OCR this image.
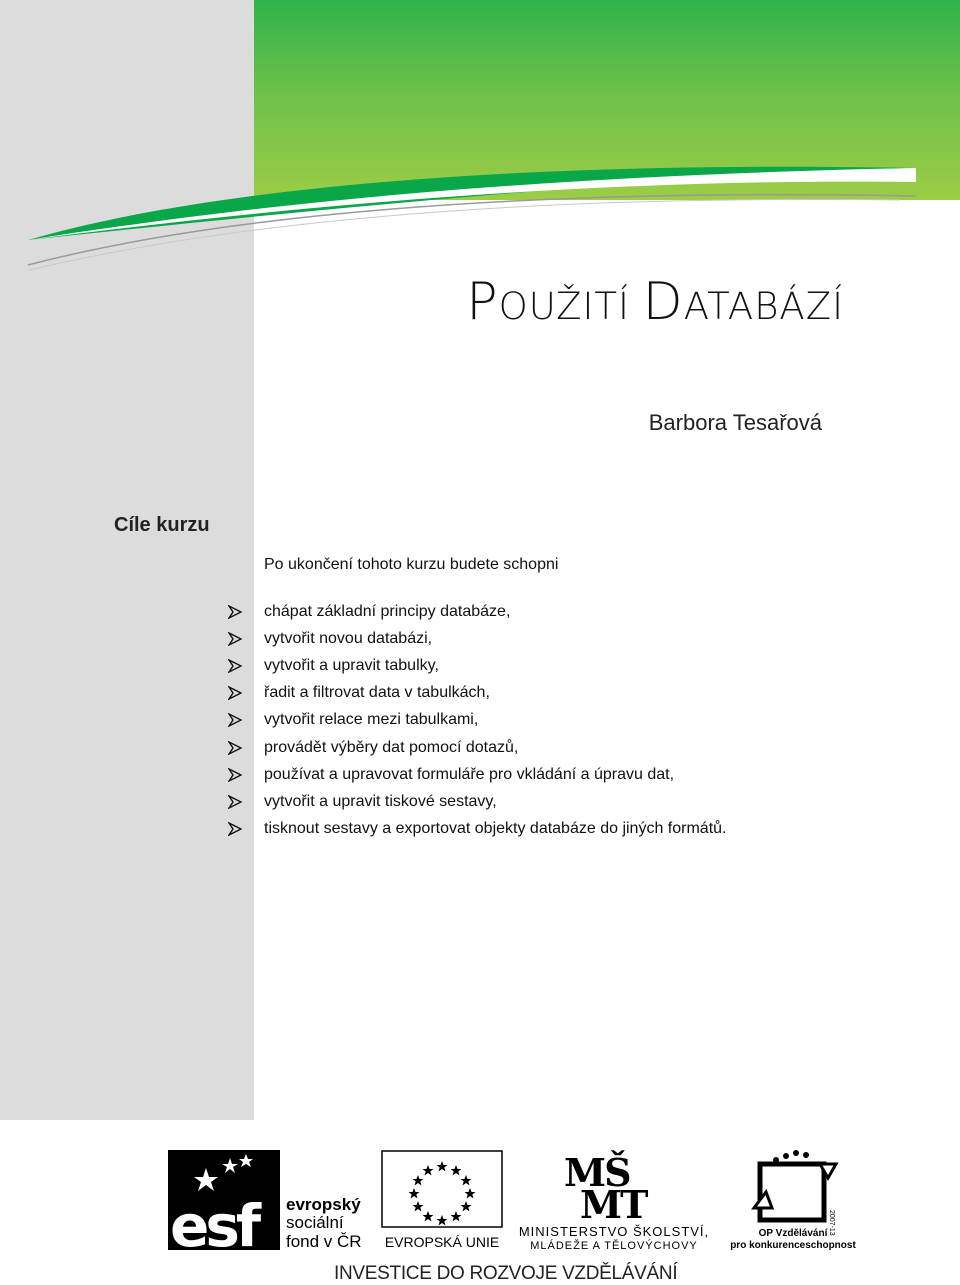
POUŽITÍ DATABÁZÍ
Barbora Tesařová
Cíle kurzu
Po ukončení tohoto kurzu budete schopni
chápat základní principy databáze,
vytvořit novou databázi,
vytvořit a upravit tabulky,
řadit a filtrovat data v tabulkách,
vytvořit relace mezi tabulkami,
provádět výběry dat pomocí dotazů,
používat a upravovat formuláře pro vkládání a úpravu dat,
vytvořit a upravit tiskové sestavy,
tisknout sestavy a exportovat objekty databáze do jiných formátů.
esf evropský
sociální
fond v ČR EVROPSKÁ UNIE
MŠ
MT
MINISTERSTVO ŠKOLSTVÍ,
MLÁDEŽE A TĚLOVÝCHOVY
2007-13
OP Vzdělávání
pro konkurenceschopnost
INVESTICE DO ROZVOJE VZDĚLÁVÁNÍ
